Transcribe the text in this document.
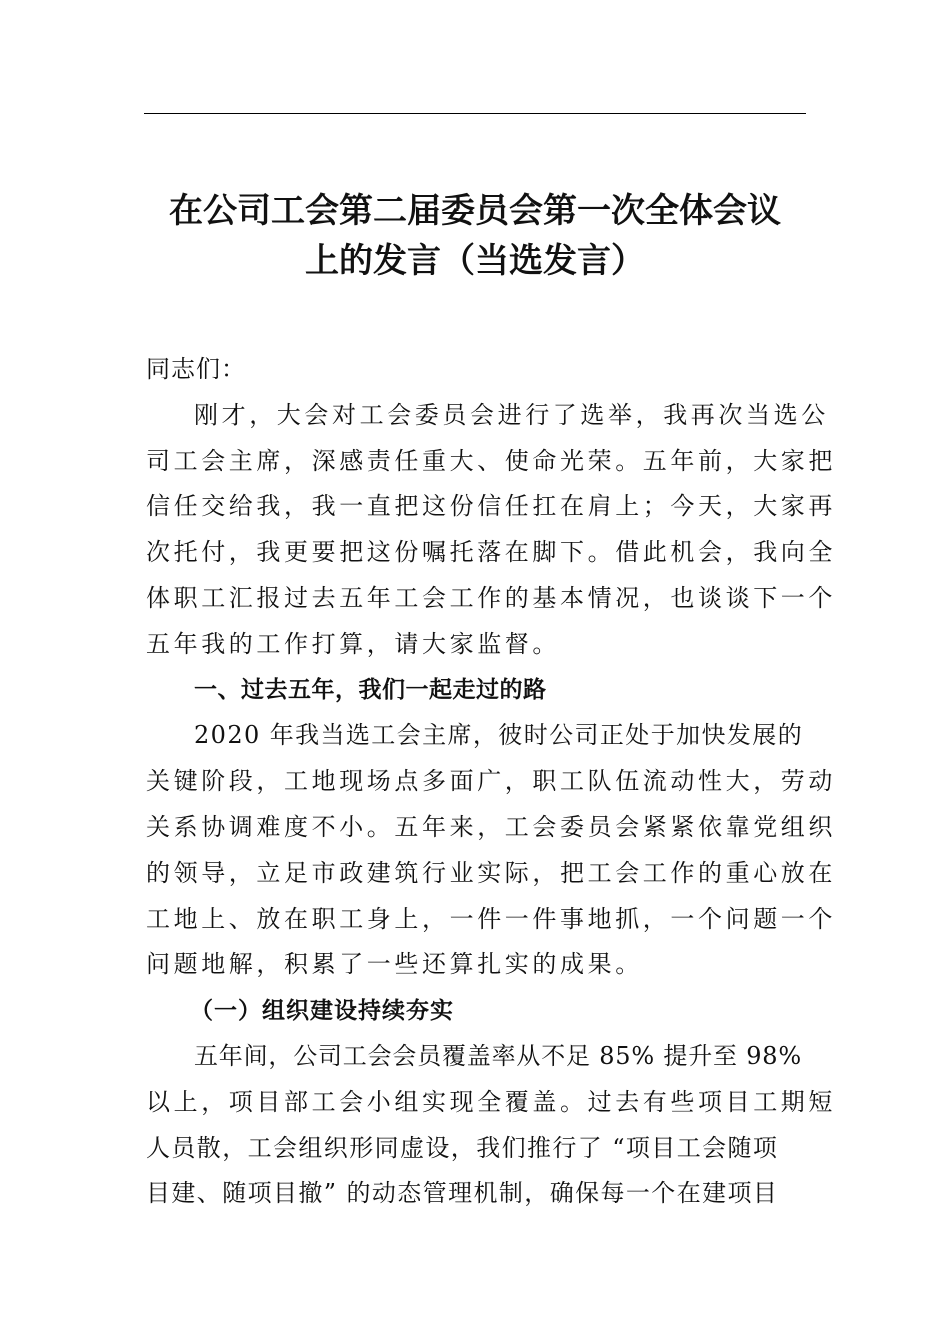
在公司工会第二届委员会第一次全体会议
上的发言（当选发言）
同志们：
刚才，大会对工会委员会进行了选举，我再次当选公
司工会主席，深感责任重大、使命光荣。五年前，大家把
信任交给我，我一直把这份信任扛在肩上；今天，大家再
次托付，我更要把这份嘱托落在脚下。借此机会，我向全
体职工汇报过去五年工会工作的基本情况，也谈谈下一个
五年我的工作打算，请大家监督。
一、过去五年，我们一起走过的路
2020 年我当选工会主席，彼时公司正处于加快发展的
关键阶段，工地现场点多面广，职工队伍流动性大，劳动
关系协调难度不小。五年来，工会委员会紧紧依靠党组织
的领导，立足市政建筑行业实际，把工会工作的重心放在
工地上、放在职工身上，一件一件事地抓，一个问题一个
问题地解，积累了一些还算扎实的成果。
（一）组织建设持续夯实
五年间，公司工会会员覆盖率从不足 85% 提升至 98%
以上，项目部工会小组实现全覆盖。过去有些项目工期短
人员散，工会组织形同虚设，我们推行了 “项目工会随项
目建、随项目撤” 的动态管理机制，确保每一个在建项目
